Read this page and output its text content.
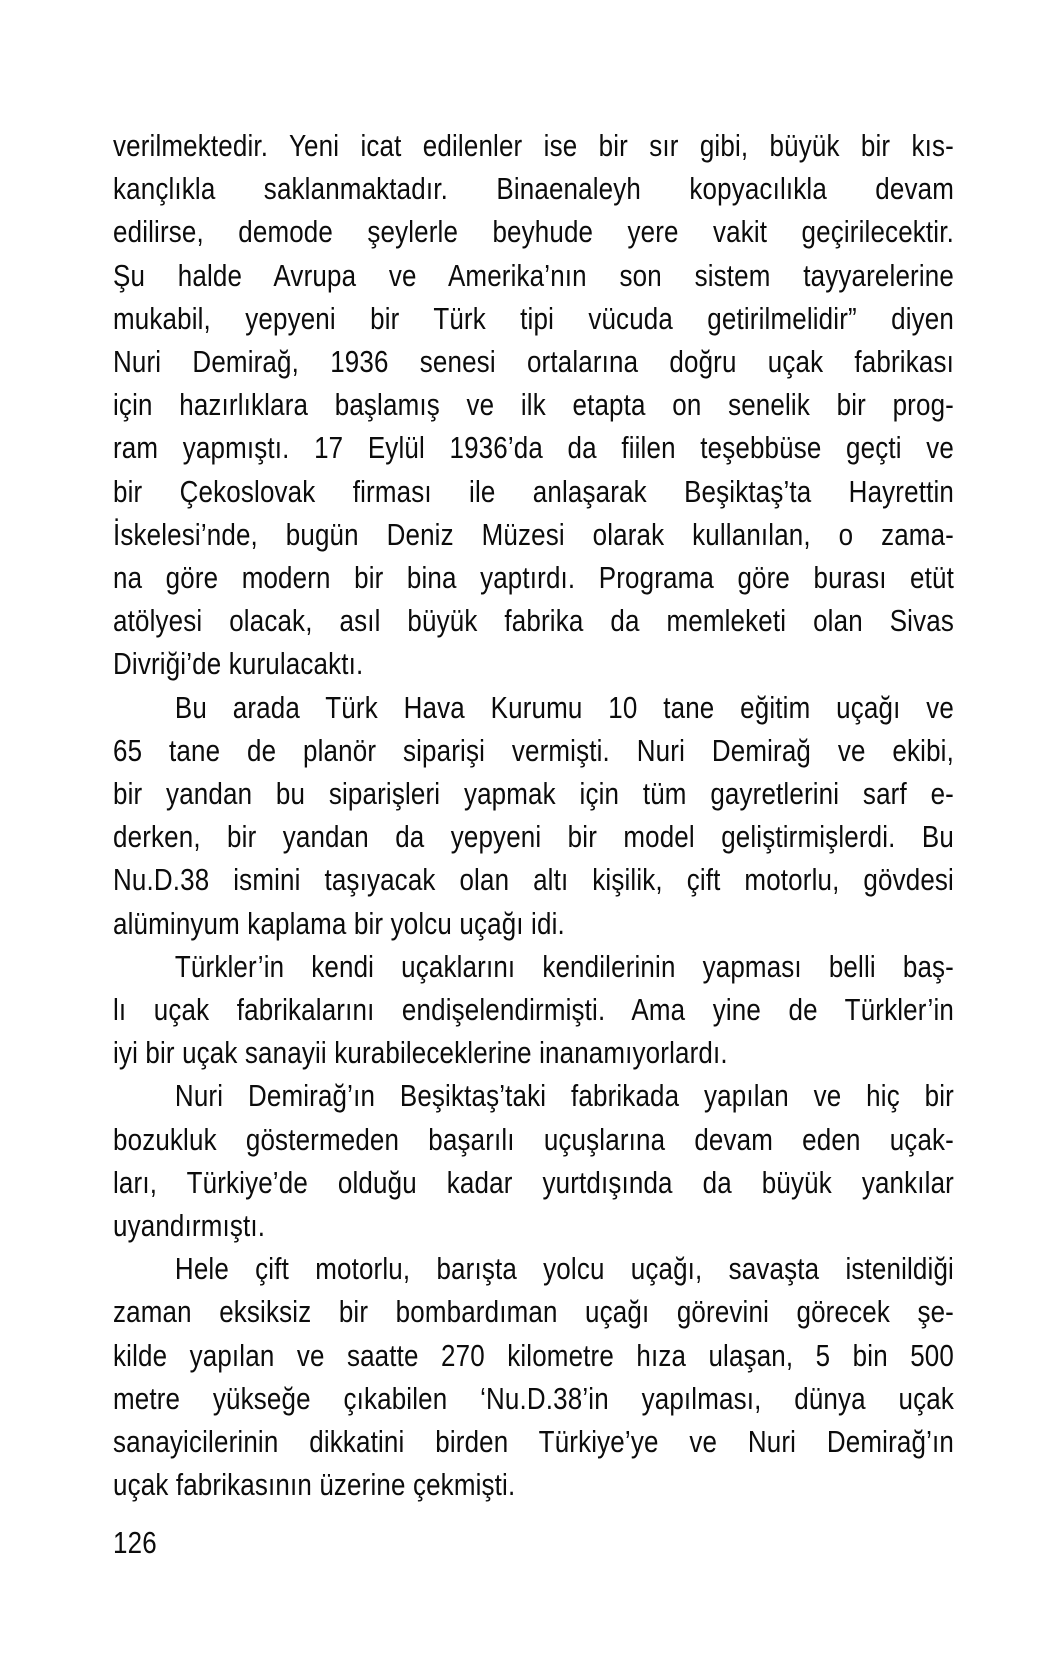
verilmektedir. Yeni icat edilenler ise bir sır gibi, büyük bir kıs-
kançlıkla saklanmaktadır. Binaenaleyh kopyacılıkla devam
edilirse, demode şeylerle beyhude yere vakit geçirilecektir.
Şu halde Avrupa ve Amerika’nın son sistem tayyarelerine
mukabil, yepyeni bir Türk tipi vücuda getirilmelidir” diyen
Nuri Demirağ, 1936 senesi ortalarına doğru uçak fabrikası
için hazırlıklara başlamış ve ilk etapta on senelik bir prog-
ram yapmıştı. 17 Eylül 1936’da da fiilen teşebbüse geçti ve
bir Çekoslovak firması ile anlaşarak Beşiktaş’ta Hayrettin
İskelesi’nde, bugün Deniz Müzesi olarak kullanılan, o zama-
na göre modern bir bina yaptırdı. Programa göre burası etüt
atölyesi olacak, asıl büyük fabrika da memleketi olan Sivas
Divriği’de kurulacaktı.
Bu arada Türk Hava Kurumu 10 tane eğitim uçağı ve
65 tane de planör siparişi vermişti. Nuri Demirağ ve ekibi,
bir yandan bu siparişleri yapmak için tüm gayretlerini sarf e-
derken, bir yandan da yepyeni bir model geliştirmişlerdi. Bu
Nu.D.38 ismini taşıyacak olan altı kişilik, çift motorlu, gövdesi
alüminyum kaplama bir yolcu uçağı idi.
Türkler’in kendi uçaklarını kendilerinin yapması belli baş-
lı uçak fabrikalarını endişelendirmişti. Ama yine de Türkler’in
iyi bir uçak sanayii kurabileceklerine inanamıyorlardı.
Nuri Demirağ’ın Beşiktaş’taki fabrikada yapılan ve hiç bir
bozukluk göstermeden başarılı uçuşlarına devam eden uçak-
ları, Türkiye’de olduğu kadar yurtdışında da büyük yankılar
uyandırmıştı.
Hele çift motorlu, barışta yolcu uçağı, savaşta istenildiği
zaman eksiksiz bir bombardıman uçağı görevini görecek şe-
kilde yapılan ve saatte 270 kilometre hıza ulaşan, 5 bin 500
metre yükseğe çıkabilen ‘Nu.D.38’in yapılması, dünya uçak
sanayicilerinin dikkatini birden Türkiye’ye ve Nuri Demirağ’ın
uçak fabrikasının üzerine çekmişti.
126
